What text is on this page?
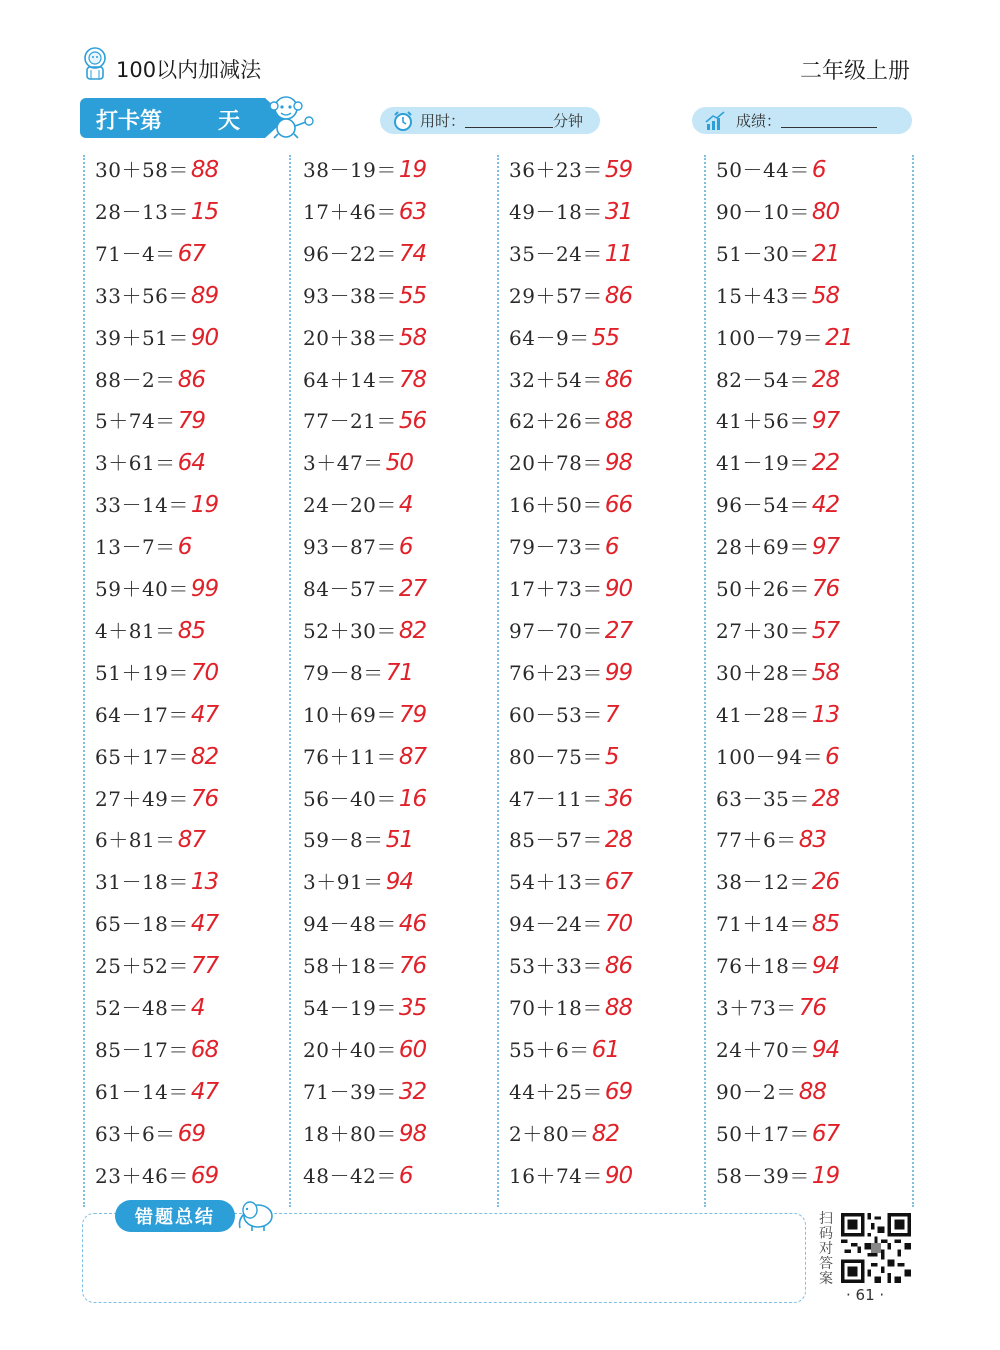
100以内加减法	二年级上册
打卡第	天	用时：	分钟	成绩：
30＋58＝88
28－13＝15
71－4＝67
33＋56＝89
39＋51＝90
88－2＝86
5＋74＝79
3＋61＝64
33－14＝19
13－7＝6
59＋40＝99
4＋81＝85
51＋19＝70
64－17＝47
65＋17＝82
27＋49＝76
6＋81＝87
31－18＝13
65－18＝47
25＋52＝77
52－48＝4
85－17＝68
61－14＝47
63＋6＝69
23＋46＝69
38－19＝19
17＋46＝63
96－22＝74
93－38＝55
20＋38＝58
64＋14＝78
77－21＝56
3＋47＝50
24－20＝4
93－87＝6
84－57＝27
52＋30＝82
79－8＝71
10＋69＝79
76＋11＝87
56－40＝16
59－8＝51
3＋91＝94
94－48＝46
58＋18＝76
54－19＝35
20＋40＝60
71－39＝32
18＋80＝98
48－42＝6
36＋23＝59
49－18＝31
35－24＝11
29＋57＝86
64－9＝55
32＋54＝86
62＋26＝88
20＋78＝98
16＋50＝66
79－73＝6
17＋73＝90
97－70＝27
76＋23＝99
60－53＝7
80－75＝5
47－11＝36
85－57＝28
54＋13＝67
94－24＝70
53＋33＝86
70＋18＝88
55＋6＝61
44＋25＝69
2＋80＝82
16＋74＝90
50－44＝6
90－10＝80
51－30＝21
15＋43＝58
100－79＝21
82－54＝28
41＋56＝97
41－19＝22
96－54＝42
28＋69＝97
50＋26＝76
27＋30＝57
30＋28＝58
41－28＝13
100－94＝6
63－35＝28
77＋6＝83
38－12＝26
71＋14＝85
76＋18＝94
3＋73＝76
24＋70＝94
90－2＝88
50＋17＝67
58－39＝19
错题总结	扫码对答案
· 61 ·
